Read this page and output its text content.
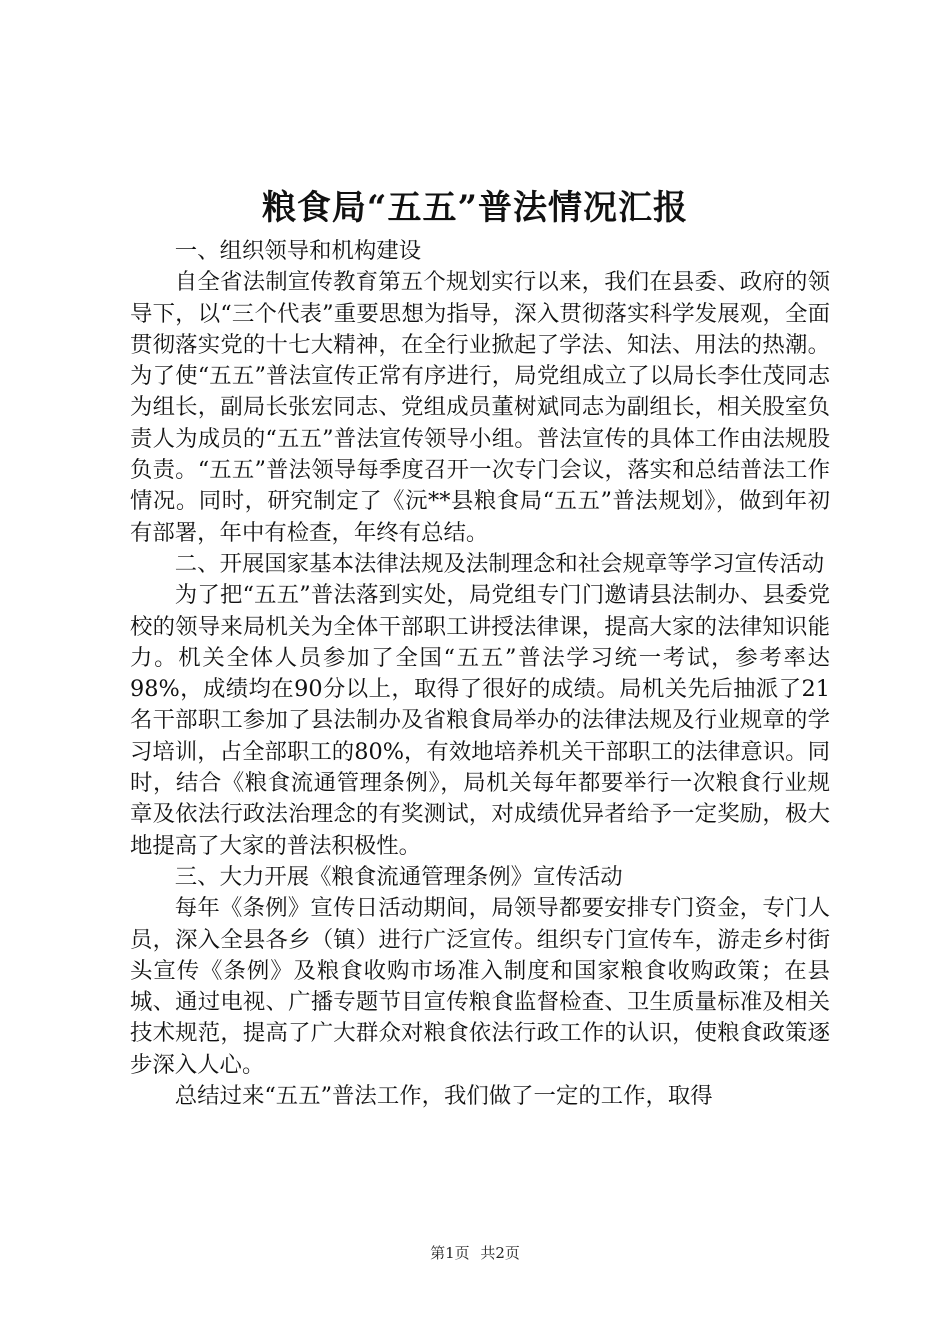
粮食局“五五”普法情况汇报

一、组织领导和机构建设

自全省法制宣传教育第五个规划实行以来，我们在县委、政府的领导下，以“三个代表”重要思想为指导，深入贯彻落实科学发展观，全面贯彻落实党的十七大精神，在全行业掀起了学法、知法、用法的热潮。为了使“五五”普法宣传正常有序进行，局党组成立了以局长李仕茂同志为组长，副局长张宏同志、党组成员董树斌同志为副组长，相关股室负责人为成员的“五五”普法宣传领导小组。普法宣传的具体工作由法规股负责。“五五”普法领导每季度召开一次专门会议，落实和总结普法工作情况。同时，研究制定了《沅**县粮食局“五五”普法规划》，做到年初有部署，年中有检查，年终有总结。

二、开展国家基本法律法规及法制理念和社会规章等学习宣传活动

为了把“五五”普法落到实处，局党组专门门邀请县法制办、县委党校的领导来局机关为全体干部职工讲授法律课，提高大家的法律知识能力。机关全体人员参加了全国“五五”普法学习统一考试，参考率达98%，成绩均在90分以上，取得了很好的成绩。局机关先后抽派了21名干部职工参加了县法制办及省粮食局举办的法律法规及行业规章的学习培训，占全部职工的80%，有效地培养机关干部职工的法律意识。同时，结合《粮食流通管理条例》，局机关每年都要举行一次粮食行业规章及依法行政法治理念的有奖测试，对成绩优异者给予一定奖励，极大地提高了大家的普法积极性。

三、大力开展《粮食流通管理条例》宣传活动

每年《条例》宣传日活动期间，局领导都要安排专门资金，专门人员，深入全县各乡（镇）进行广泛宣传。组织专门宣传车，游走乡村街头宣传《条例》及粮食收购市场准入制度和国家粮食收购政策；在县城、通过电视、广播专题节目宣传粮食监督检查、卫生质量标准及相关技术规范，提高了广大群众对粮食依法行政工作的认识，使粮食政策逐步深入人心。

总结过来“五五”普法工作，我们做了一定的工作，取得

第1页 共2页
